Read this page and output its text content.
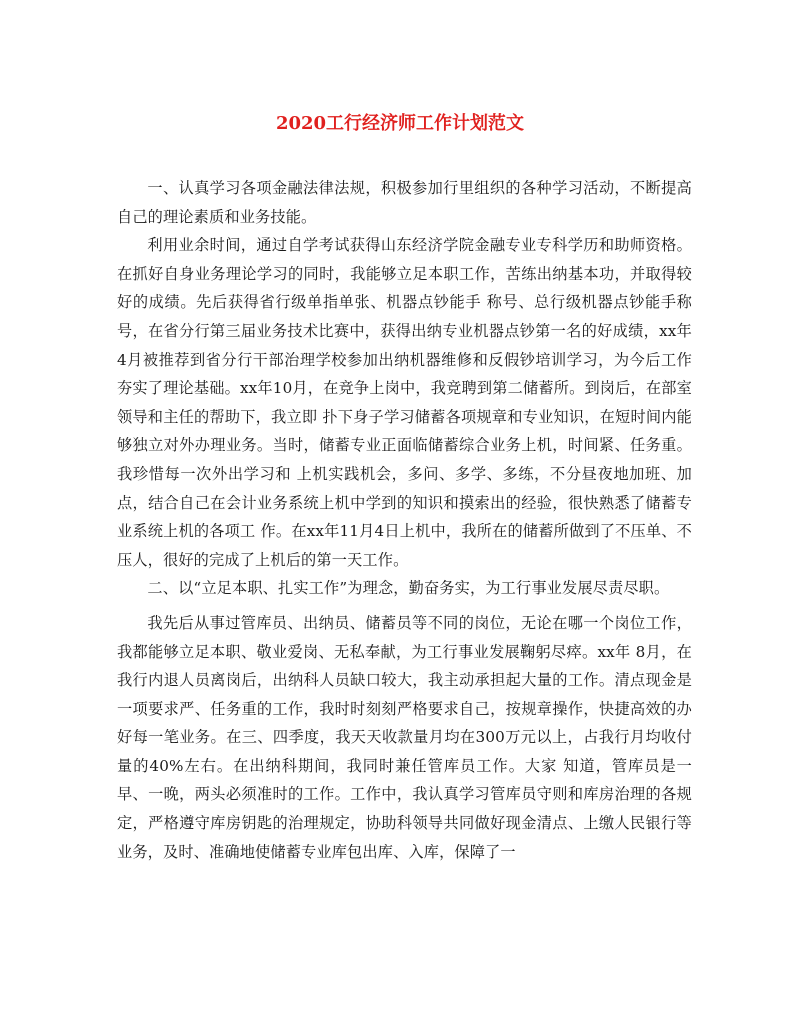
2020工行经济师工作计划范文

一、认真学习各项金融法律法规，积极参加行里组织的各种学习活动，不断提高自己的理论素质和业务技能。

利用业余时间，通过自学考试获得山东经济学院金融专业专科学历和助师资格。在抓好自身业务理论学习的同时，我能够立足本职工作，苦练出纳基本功，并取得较好的成绩。先后获得省行级单指单张、机器点钞能手 称号、总行级机器点钞能手称号，在省分行第三届业务技术比赛中，获得出纳专业机器点钞第一名的好成绩，xx年4月被推荐到省分行干部治理学校参加出纳机器维修和反假钞培训学习，为今后工作夯实了理论基础。xx年10月，在竞争上岗中，我竞聘到第二储蓄所。到岗后，在部室领导和主任的帮助下，我立即 扑下身子学习储蓄各项规章和专业知识，在短时间内能够独立对外办理业务。当时，储蓄专业正面临储蓄综合业务上机，时间紧、任务重。我珍惜每一次外出学习和 上机实践机会，多问、多学、多练，不分昼夜地加班、加点，结合自己在会计业务系统上机中学到的知识和摸索出的经验，很快熟悉了储蓄专业系统上机的各项工 作。在xx年11月4日上机中，我所在的储蓄所做到了不压单、不压人，很好的完成了上机后的第一天工作。

二、以“立足本职、扎实工作”为理念，勤奋务实，为工行事业发展尽责尽职。

我先后从事过管库员、出纳员、储蓄员等不同的岗位，无论在哪一个岗位工作，我都能够立足本职、敬业爱岗、无私奉献，为工行事业发展鞠躬尽瘁。xx年 8月，在我行内退人员离岗后，出纳科人员缺口较大，我主动承担起大量的工作。清点现金是一项要求严、任务重的工作，我时时刻刻严格要求自己，按规章操作，快捷高效的办好每一笔业务。在三、四季度，我天天收款量月均在300万元以上，占我行月均收付量的40%左右。在出纳科期间，我同时兼任管库员工作。大家 知道，管库员是一早、一晚，两头必须准时的工作。工作中，我认真学习管库员守则和库房治理的各规定，严格遵守库房钥匙的治理规定，协助科领导共同做好现金清点、上缴人民银行等业务，及时、准确地使储蓄专业库包出库、入库，保障了一
